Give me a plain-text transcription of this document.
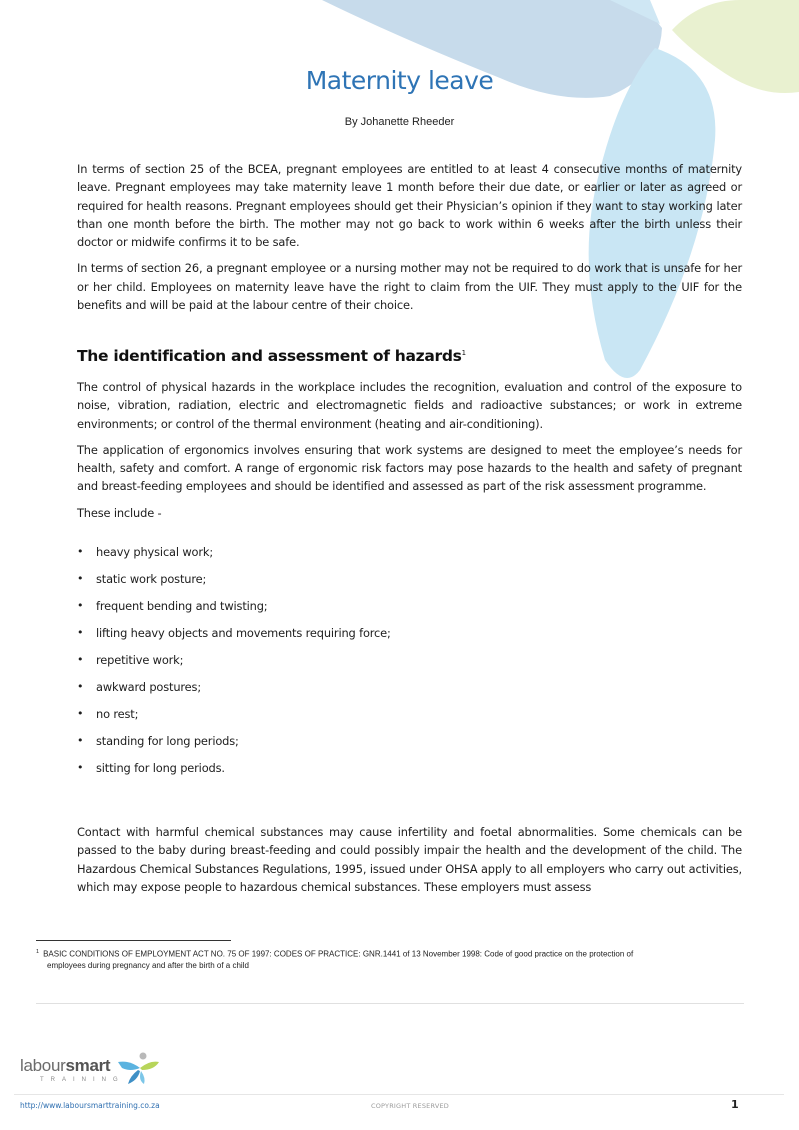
Maternity leave
By Johanette Rheeder

In terms of section 25 of the BCEA, pregnant employees are entitled to at least 4 consecutive months of maternity leave. Pregnant employees may take maternity leave 1 month before their due date, or earlier or later as agreed or required for health reasons. Pregnant employees should get their Physician’s opinion if they want to stay working later than one month before the birth. The mother may not go back to work within 6 weeks after the birth unless their doctor or midwife confirms it to be safe.

In terms of section 26, a pregnant employee or a nursing mother may not be required to do work that is unsafe for her or her child. Employees on maternity leave have the right to claim from the UIF. They must apply to the UIF for the benefits and will be paid at the labour centre of their choice.

The identification and assessment of hazards$^1$

The control of physical hazards in the workplace includes the recognition, evaluation and control of the exposure to noise, vibration, radiation, electric and electromagnetic fields and radioactive substances; or work in extreme environments; or control of the thermal environment (heating and air-conditioning).

The application of ergonomics involves ensuring that work systems are designed to meet the employee’s needs for health, safety and comfort. A range of ergonomic risk factors may pose hazards to the health and safety of pregnant and breast-feeding employees and should be identified and assessed as part of the risk assessment programme.

These include -

•	heavy physical work;
•	static work posture;
•	frequent bending and twisting;
•	lifting heavy objects and movements requiring force;
•	repetitive work;
•	awkward postures;
•	no rest;
•	standing for long periods;
•	sitting for long periods.

Contact with harmful chemical substances may cause infertility and foetal abnormalities. Some chemicals can be passed to the baby during breast-feeding and could possibly impair the health and the development of the child. The Hazardous Chemical Substances Regulations, 1995, issued under OHSA apply to all employers who carry out activities, which may expose people to hazardous chemical substances. These employers must assess

$^1$ BASIC CONDITIONS OF EMPLOYMENT ACT NO. 75 OF 1997: CODES OF PRACTICE: GNR.1441 of 13 November 1998: Code of good practice on the protection of
employees during pregnancy and after the birth of a child
laboursmart
TRAINING
http://www.laboursmarttraining.co.za	COPYRIGHT RESERVED	1
